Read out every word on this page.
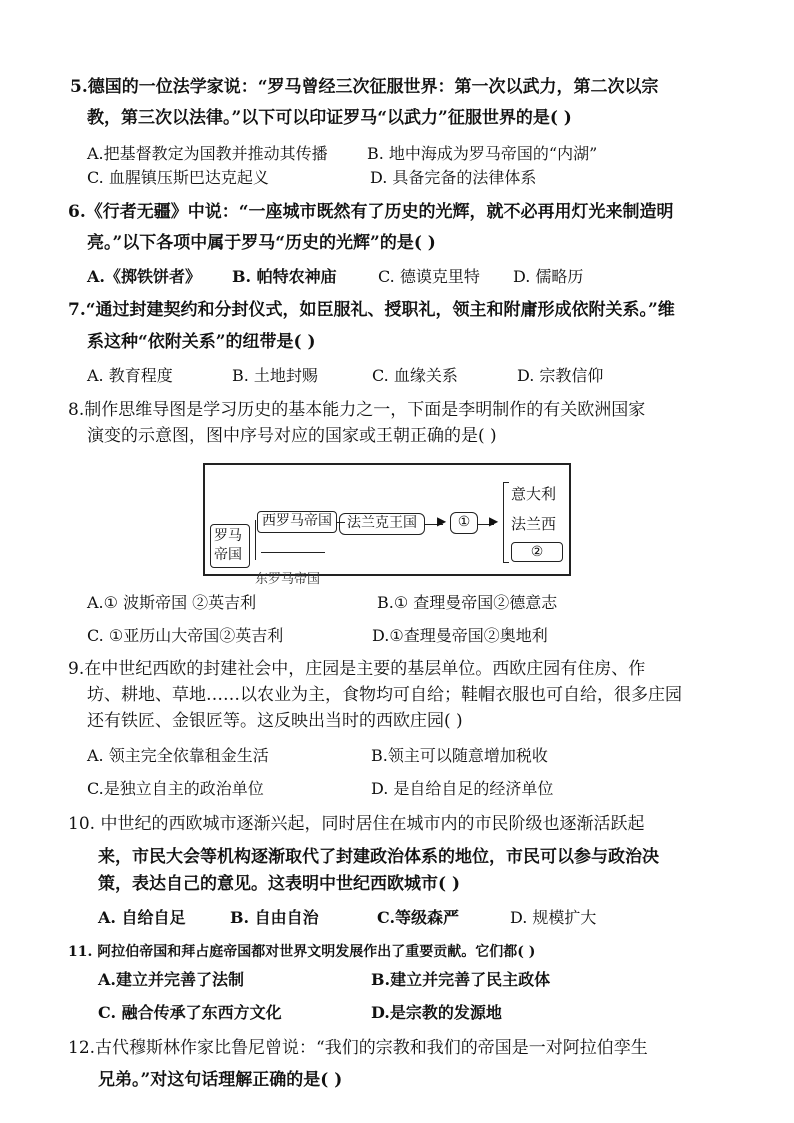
5.德国的一位法学家说：“罗马曾经三次征服世界：第一次以武力，第二次以宗
教，第三次以法律。”以下可以印证罗马“以武力”征服世界的是( )
A.把基督教定为国教并推动其传播 B. 地中海成为罗马帝国的“内湖”
C. 血腥镇压斯巴达克起义	D. 具备完备的法律体系
6.《行者无疆》中说：“一座城市既然有了历史的光辉，就不必再用灯光来制造明
亮。”以下各项中属于罗马“历史的光辉”的是( )
A.《掷铁饼者》 B. 帕特农神庙	C. 德谟克里特 D. 儒略历
7.“通过封建契约和分封仪式，如臣服礼、授职礼，领主和附庸形成依附关系。”维
系这种“依附关系”的纽带是( )
A. 教育程度	B. 土地封赐	C. 血缘关系	D. 宗教信仰
8.制作思维导图是学习历史的基本能力之一，下面是李明制作的有关欧洲国家
演变的示意图，图中序号对应的国家或王朝正确的是( )
罗马帝国
西罗马帝国
东罗马帝国
法兰克王国	▶ ①	▶
意大利
法兰西
②
A.① 波斯帝国 ②英吉利	B.① 查理曼帝国②德意志
C. ①亚历山大帝国②英吉利	D.①查理曼帝国②奥地利
9.在中世纪西欧的封建社会中，庄园是主要的基层单位。西欧庄园有住房、作
坊、耕地、草地……以农业为主，食物均可自给；鞋帽衣服也可自给，很多庄园
还有铁匠、金银匠等。这反映出当时的西欧庄园( )
A. 领主完全依靠租金生活	B.领主可以随意增加税收
C.是独立自主的政治单位	D. 是自给自足的经济单位
10. 中世纪的西欧城市逐渐兴起，同时居住在城市内的市民阶级也逐渐活跃起
来，市民大会等机构逐渐取代了封建政治体系的地位，市民可以参与政治决
策，表达自己的意见。这表明中世纪西欧城市( )
A. 自给自足	B. 自由自治	C.等级森严	D. 规模扩大
11. 阿拉伯帝国和拜占庭帝国都对世界文明发展作出了重要贡献。它们都( )
A.建立并完善了法制	B.建立并完善了民主政体
C. 融合传承了东西方文化	D.是宗教的发源地
12.古代穆斯林作家比鲁尼曾说：“我们的宗教和我们的帝国是一对阿拉伯孪生
兄弟。”对这句话理解正确的是( )
